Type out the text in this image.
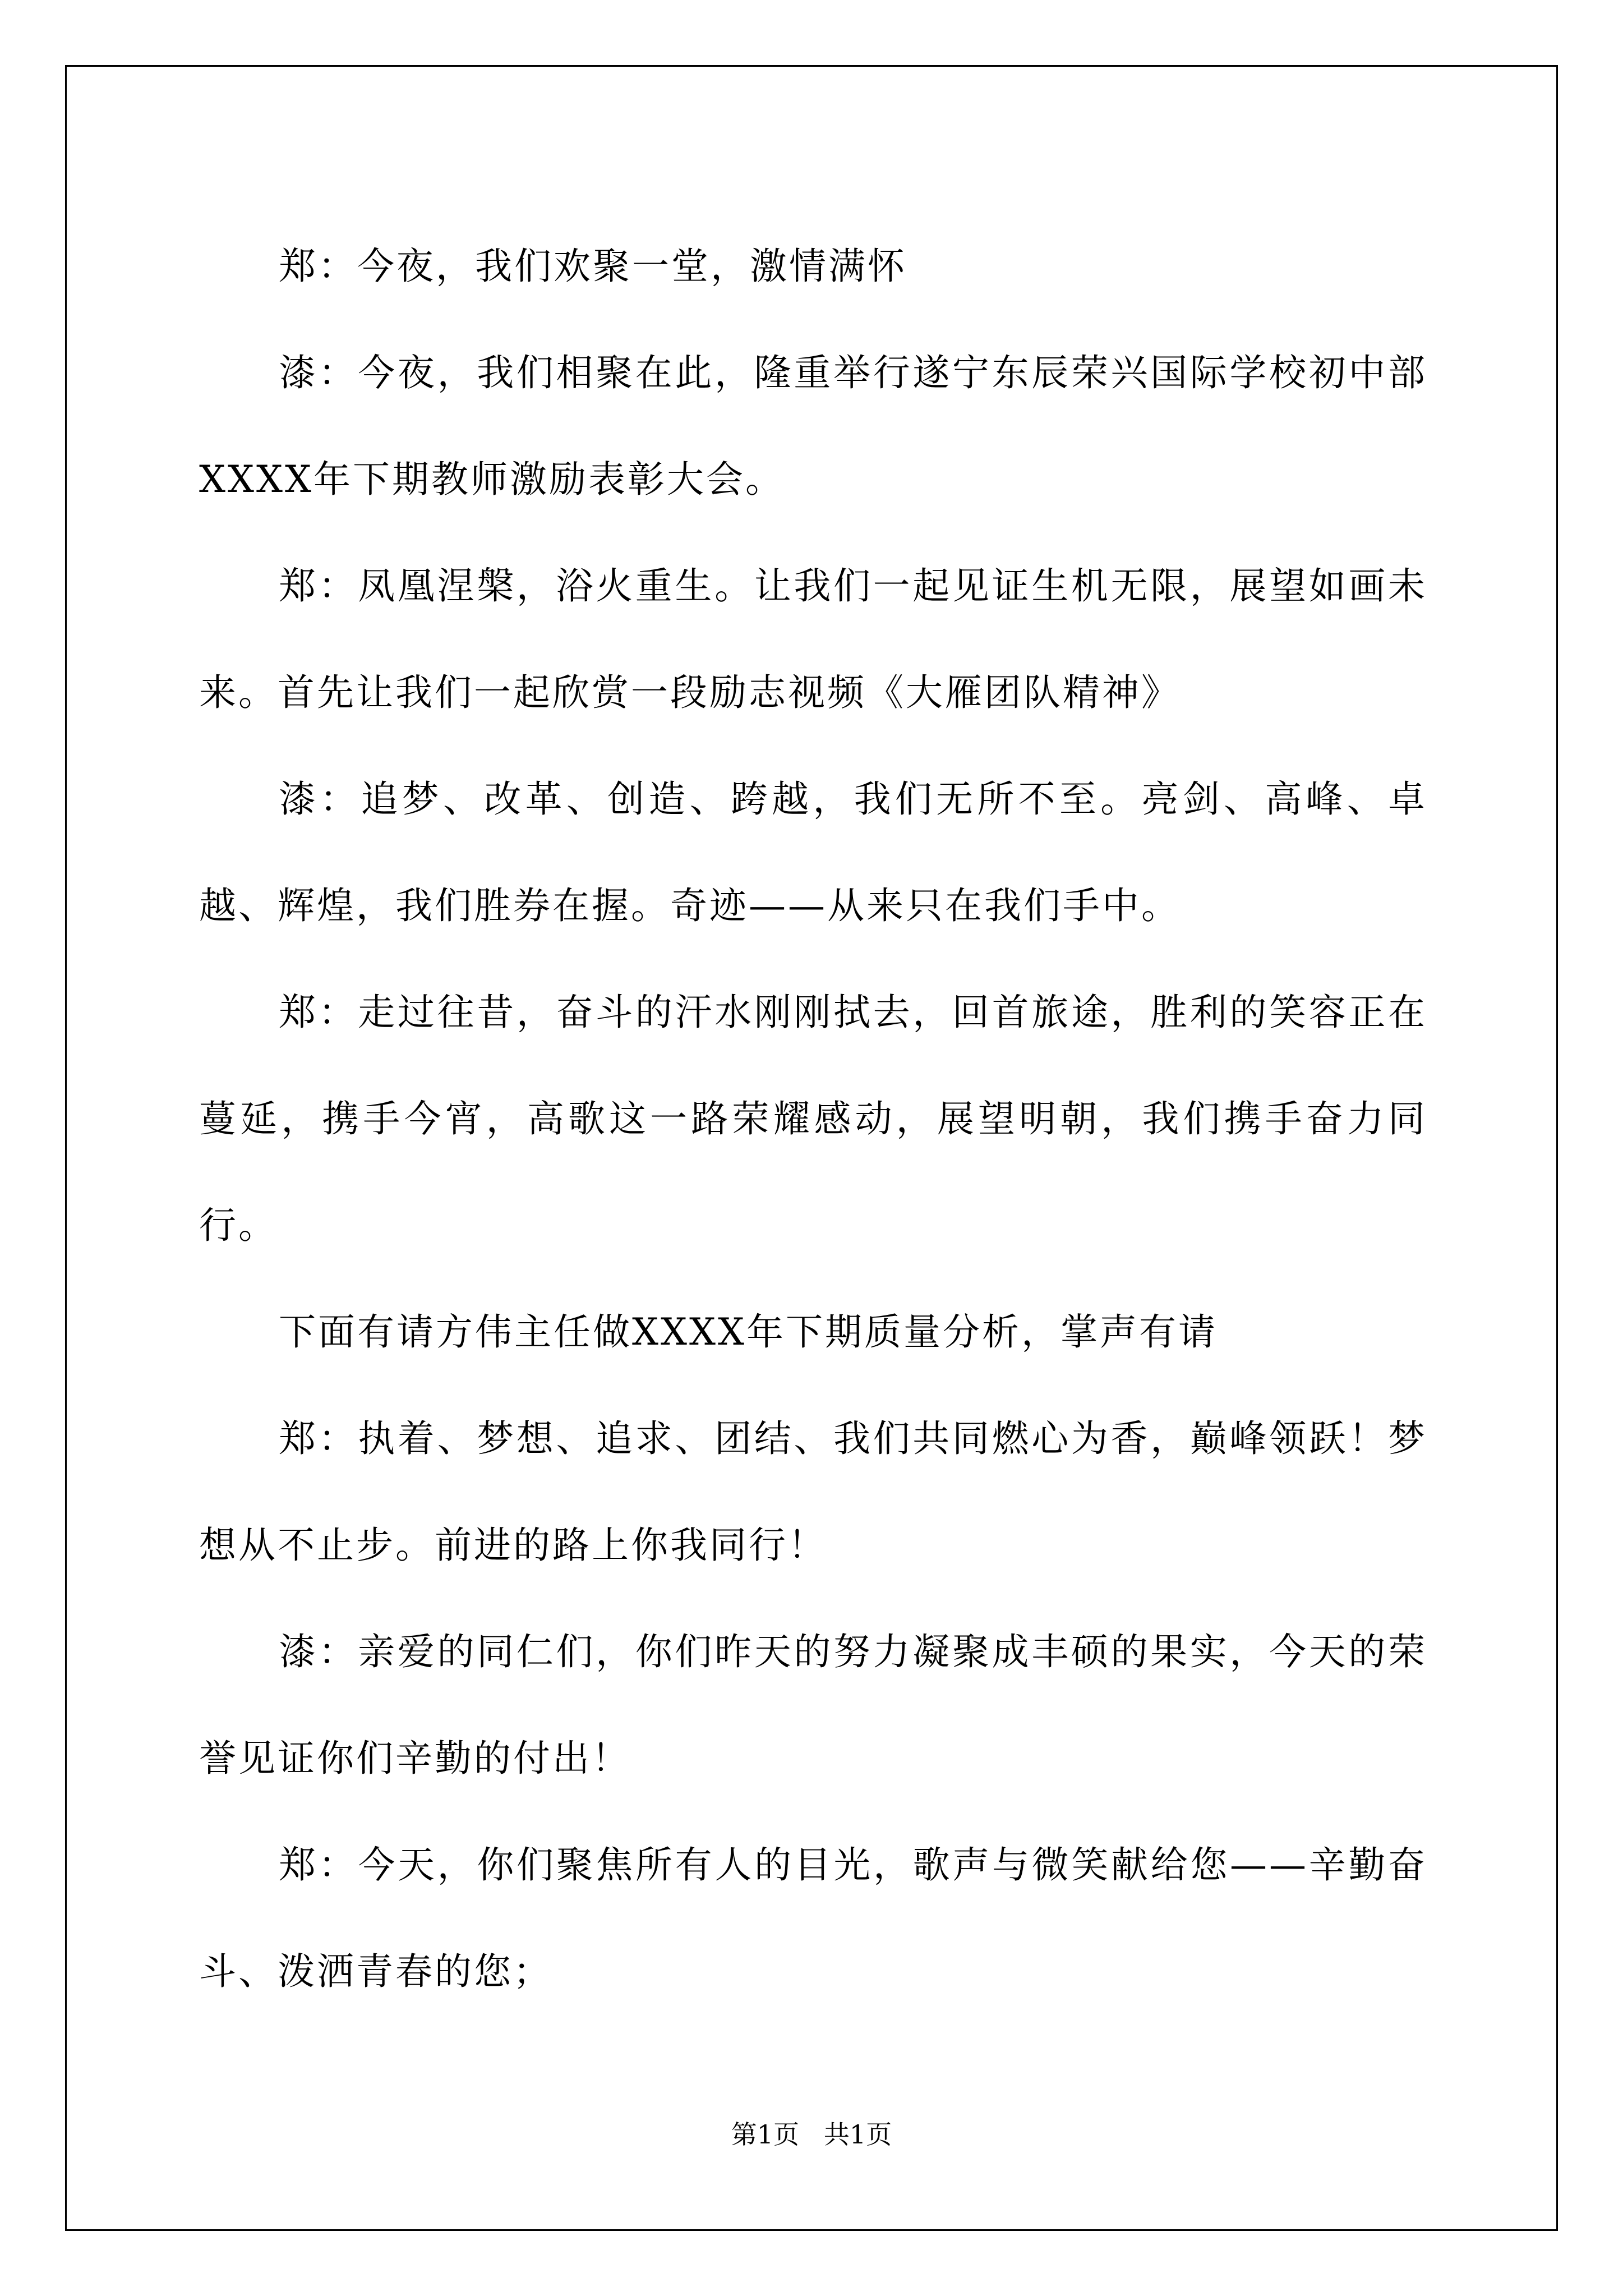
郑：今夜，我们欢聚一堂，激情满怀

漆：今夜，我们相聚在此，隆重举行遂宁东辰荣兴国际学校初中部XXXX年下期教师激励表彰大会。

郑：凤凰涅槃，浴火重生。让我们一起见证生机无限，展望如画未来。首先让我们一起欣赏一段励志视频《大雁团队精神》

漆：追梦、改革、创造、跨越，我们无所不至。亮剑、高峰、卓越、辉煌，我们胜券在握。奇迹——从来只在我们手中。

郑：走过往昔，奋斗的汗水刚刚拭去，回首旅途，胜利的笑容正在蔓延，携手今宵，高歌这一路荣耀感动，展望明朝，我们携手奋力同行。

下面有请方伟主任做XXXX年下期质量分析，掌声有请

郑：执着、梦想、追求、团结、我们共同燃心为香，巅峰领跃！梦想从不止步。前进的路上你我同行！

漆：亲爱的同仁们，你们昨天的努力凝聚成丰硕的果实，今天的荣誉见证你们辛勤的付出！

郑：今天，你们聚焦所有人的目光，歌声与微笑献给您——辛勤奋斗、泼洒青春的您；

第1页   共1页
